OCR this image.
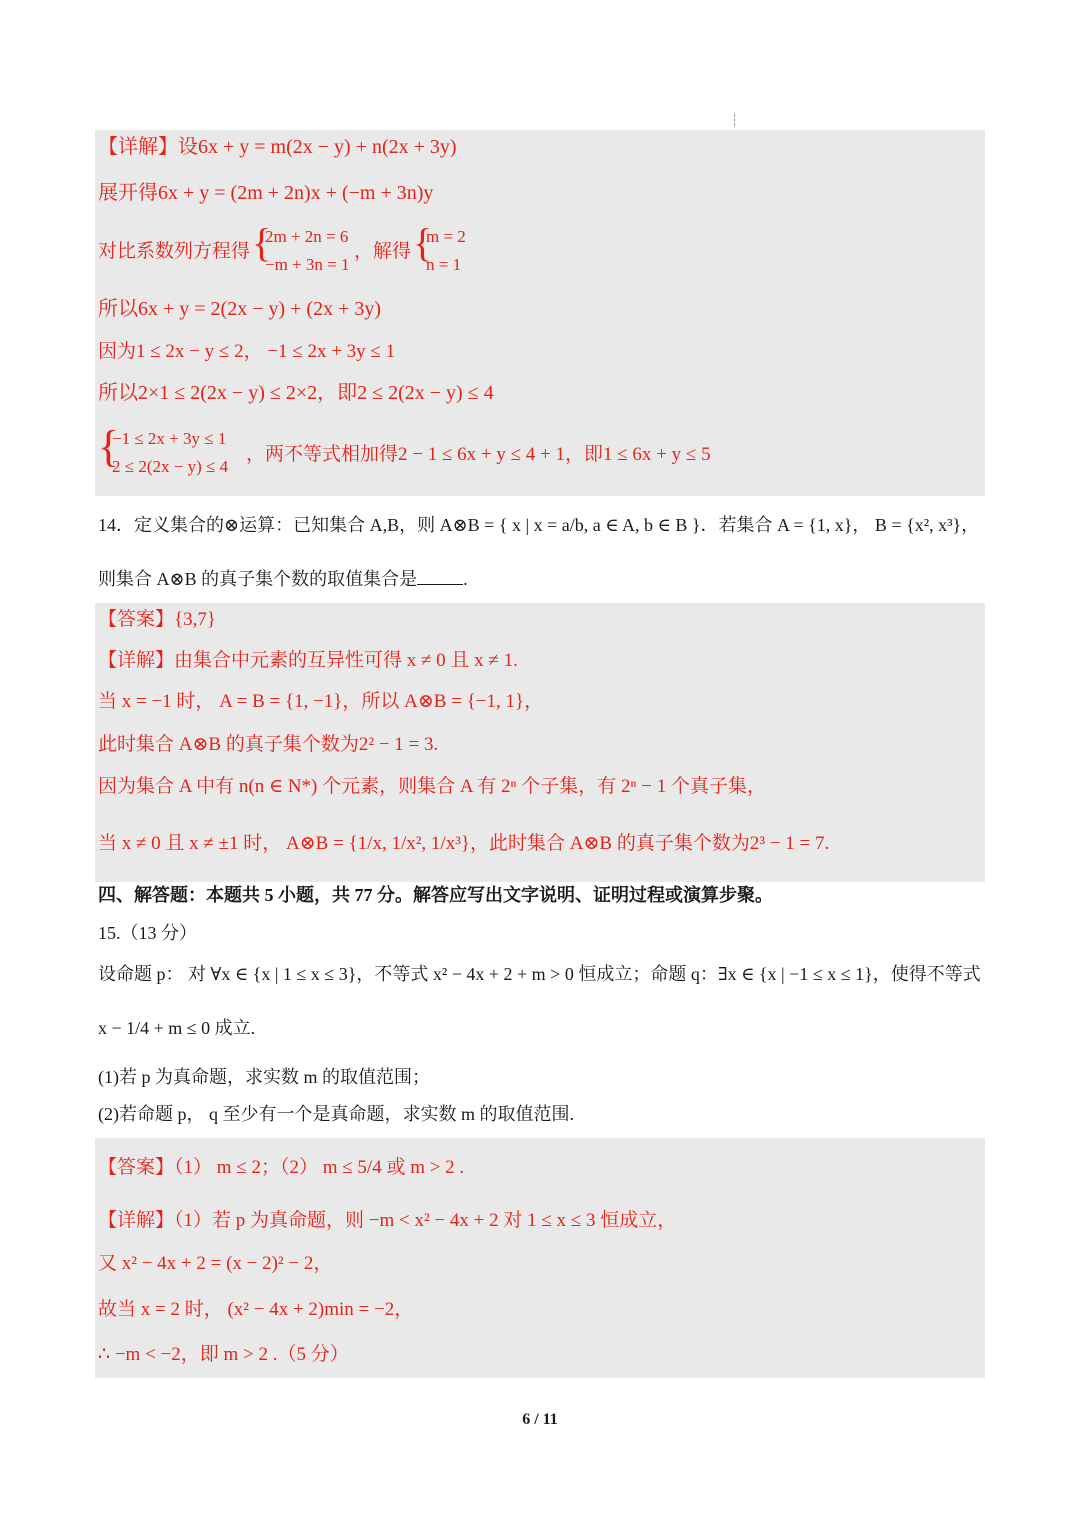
【详解】设6x + y = m(2x − y) + n(2x + 3y)
展开得6x + y = (2m + 2n)x + (−m + 3n)y
对比系数列方程得 {
2m + 2n = 6
−m + 3n = 1
，解得 {
m = 2
n = 1
所以6x + y = 2(2x − y) + (2x + 3y)
因为1 ≤ 2x − y ≤ 2， −1 ≤ 2x + 3y ≤ 1
所以2×1 ≤ 2(2x − y) ≤ 2×2，即2 ≤ 2(2x − y) ≤ 4
{
−1 ≤ 2x + 3y ≤ 1
2 ≤ 2(2x − y) ≤ 4
，两不等式相加得2 − 1 ≤ 6x + y ≤ 4 + 1，即1 ≤ 6x + y ≤ 5
14．定义集合的⊗运算：已知集合 A,B，则 A⊗B = { x | x = a/b, a ∈ A, b ∈ B }．若集合 A = {1, x}， B = {x², x³}，
则集合 A⊗B 的真子集个数的取值集合是	.
【答案】{3,7}
【详解】由集合中元素的互异性可得 x ≠ 0 且 x ≠ 1.
当 x = −1 时， A = B = {1, −1}，所以 A⊗B = {−1, 1}，
此时集合 A⊗B 的真子集个数为2² − 1 = 3.
因为集合 A 中有 n(n ∈ N*) 个元素，则集合 A 有 2ⁿ 个子集，有 2ⁿ − 1 个真子集，
当 x ≠ 0 且 x ≠ ±1 时， A⊗B = {1/x, 1/x², 1/x³}，此时集合 A⊗B 的真子集个数为2³ − 1 = 7.
四、解答题：本题共 5 小题，共 77 分。解答应写出文字说明、证明过程或演算步聚。
15.（13 分）
设命题 p： 对 ∀x ∈ {x | 1 ≤ x ≤ 3}，不等式 x² − 4x + 2 + m > 0 恒成立；命题 q：∃x ∈ {x | −1 ≤ x ≤ 1}，使得不等式
x − 1/4 + m ≤ 0 成立.
(1)若 p 为真命题，求实数 m 的取值范围；
(2)若命题 p， q 至少有一个是真命题，求实数 m 的取值范围.
【答案】（1） m ≤ 2；（2） m ≤ 5/4 或 m > 2 .
【详解】（1）若 p 为真命题，则 −m < x² − 4x + 2 对 1 ≤ x ≤ 3 恒成立，
又 x² − 4x + 2 = (x − 2)² − 2，
故当 x = 2 时， (x² − 4x + 2)min = −2，
∴ −m < −2，即 m > 2 .（5 分）
6 / 11
